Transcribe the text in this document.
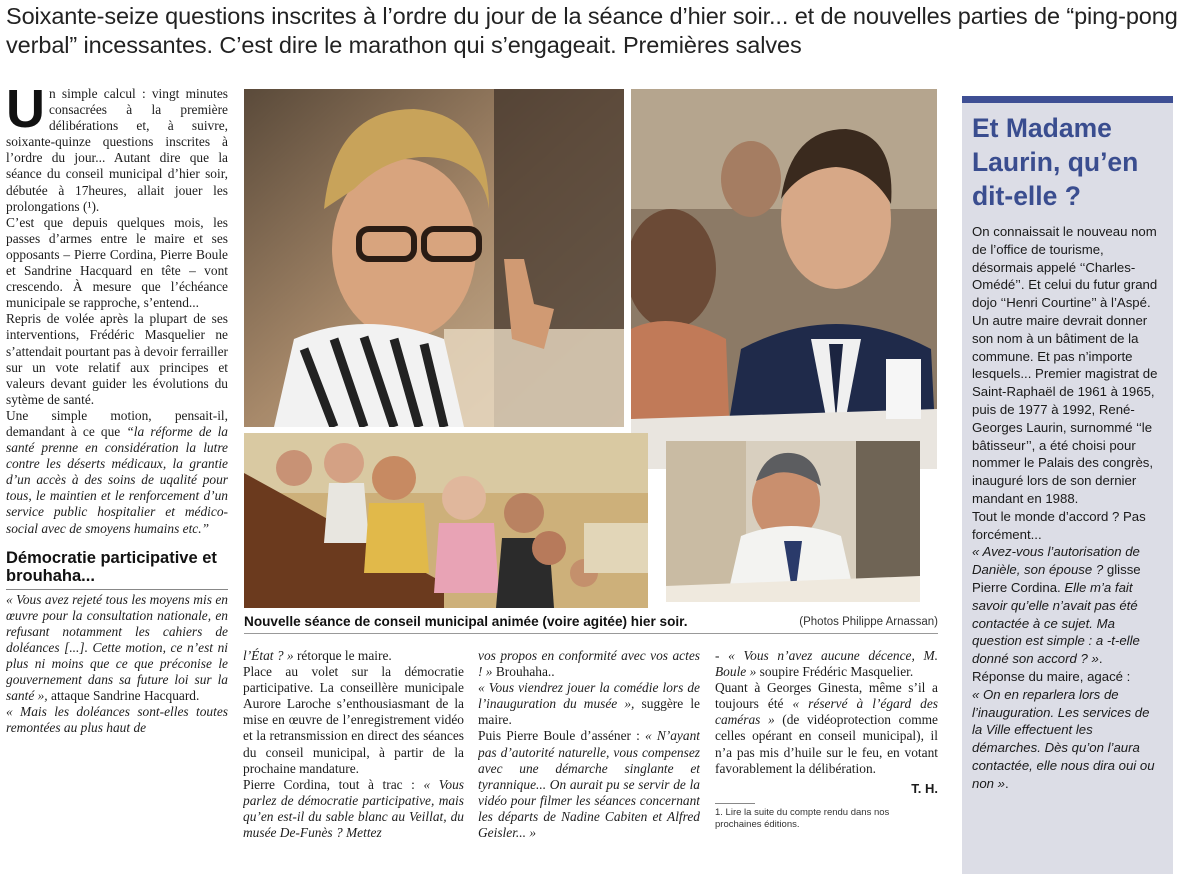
Soixante-seize questions inscrites à l’ordre du jour de la séance d’hier soir... et de nouvelles parties de “ping-pong verbal” incessantes. C’est dire le marathon qui s’engageait. Premières salves

Un simple calcul : vingt minutes consacrées à la première délibérations et, à suivre, soixante-quinze questions inscrites à l’ordre du jour... Autant dire que la séance du conseil municipal d’hier soir, débutée à 17heures, allait jouer les prolongations (¹).

C’est que depuis quelques mois, les passes d’armes entre le maire et ses opposants – Pierre Cordina, Pierre Boule et Sandrine Hacquard en tête – vont crescendo. À mesure que l’échéance municipale se rapproche, s’entend...

Repris de volée après la plupart de ses interventions, Frédéric Masquelier ne s’attendait pourtant pas à devoir ferrailler sur un vote relatif aux principes et valeurs devant guider les évolutions du sytème de santé.

Une simple motion, pensait-il, demandant à ce que “la réforme de la santé prenne en considération la lutre contre les déserts médicaux, la grantie d’un accès à des soins de uqalité pour tous, le maintien et le renforcement d’un service public hospitalier et médico-social avec de smoyens humains etc.”

Démocratie participative et brouhaha...

« Vous avez rejeté tous les moyens mis en œuvre pour la consultation nationale, en refusant notamment les cahiers de doléances [...]. Cette motion, ce n’est ni plus ni moins que ce que préconise le gouvernement dans sa future loi sur la santé », attaque Sandrine Hacquard.

« Mais les doléances sont-elles toutes remontées au plus haut de

Nouvelle séance de conseil municipal animée (voire agitée) hier soir.	(Photos Philippe Arnassan)

l’État ? » rétorque le maire.

Place au volet sur la démocratie participative. La conseillère municipale Aurore Laroche s’enthousiasmant de la mise en œuvre de l’enregistrement vidéo et la retransmission en direct des séances du conseil municipal, à partir de la prochaine mandature.

Pierre Cordina, tout à trac : « Vous parlez de démocratie participative, mais qu’en est-il du sable blanc au Veillat, du musée De-Funès ? Mettez

vos propos en conformité avec vos actes ! » Brouhaha..

« Vous viendrez jouer la comédie lors de l’inauguration du musée », suggère le maire.

Puis Pierre Boule d’asséner : « N’ayant pas d’autorité naturelle, vous compensez avec une démarche singlante et tyrannique... On aurait pu se servir de la vidéo pour filmer les séances concernant les départs de Nadine Cabiten et Alfred Geisler... »

- « Vous n’avez aucune décence, M. Boule » soupire Frédéric Masquelier.

Quant à Georges Ginesta, même s’il a toujours été « réservé à l’égard des caméras » (de vidéoprotection comme celles opérant en conseil municipal), il n’a pas mis d’huile sur le feu, en votant favorablement la délibération.

T. H.
1. Lire la suite du compte rendu dans nos prochaines éditions.
Et Madame Laurin, qu’en dit-elle ?

On connaissait le nouveau nom de l’office de tourisme, désormais appelé ‘‘Charles-Omédé’’. Et celui du futur grand dojo ‘‘Henri Courtine’’ à l’Aspé.

Un autre maire devrait donner son nom à un bâtiment de la commune. Et pas n’importe lesquels... Premier magistrat de Saint-Raphaël de 1961 à 1965, puis de 1977 à 1992, René-Georges Laurin, surnommé ‘‘le bâtisseur’’, a été choisi pour nommer le Palais des congrès, inauguré lors de son dernier mandant en 1988.

Tout le monde d’accord ? Pas forcément...

« Avez-vous l’autorisation de Danièle, son épouse ? glisse Pierre Cordina. Elle m’a fait savoir qu’elle n’avait pas été contactée à ce sujet. Ma question est simple : a -t-elle donné son accord ? ».

Réponse du maire, agacé :

« On en reparlera lors de l’inauguration. Les services de la Ville effectuent les démarches. Dès qu’on l’aura contactée, elle nous dira oui ou non ».
